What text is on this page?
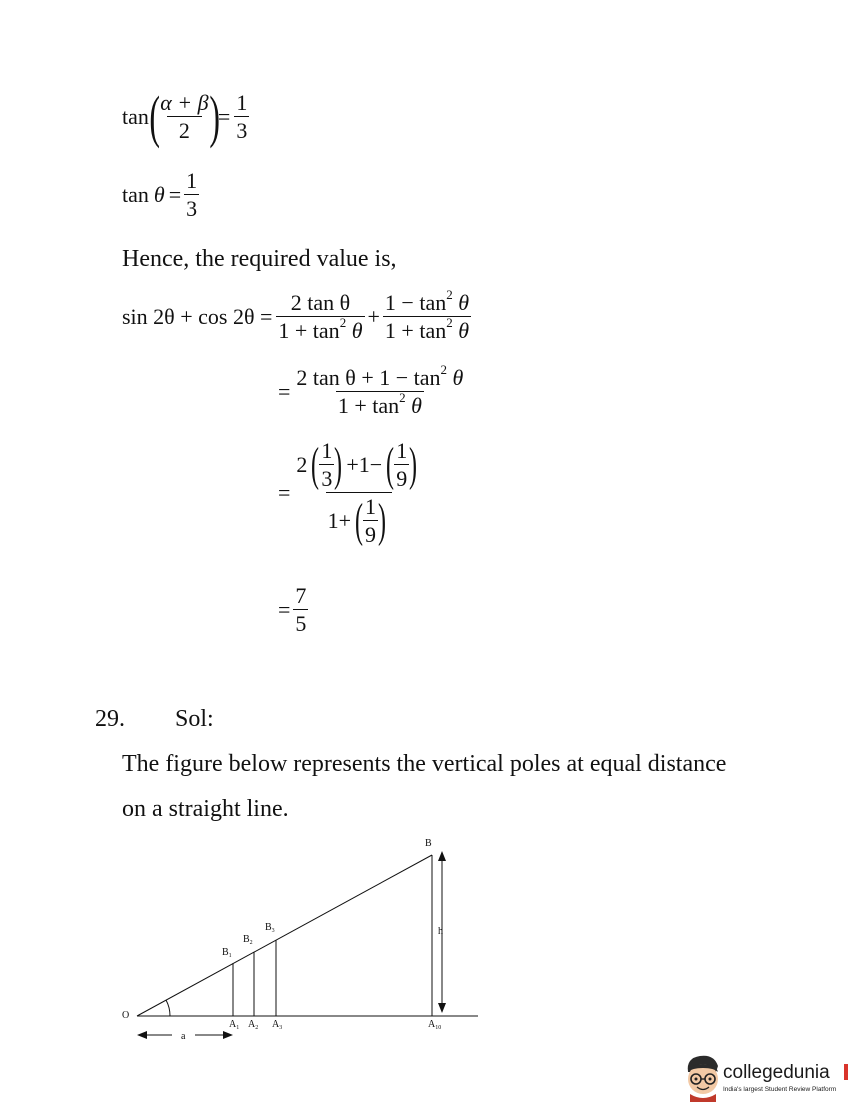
tan (
$\frac{\alpha + \beta}{2}$
)
= $\frac{1}{3}$
$\tan \theta = \frac{1}{3}$
Hence, the required value is,
$\sin 2\theta + \cos 2\theta = \frac{\text{2 tan θ}}{1 + \tan^2 \theta} + \frac{1 - \tan^2 \theta}{1 + \tan^2 \theta}$
= $\frac{2 \tan \theta + 1 - \tan^2 \theta}{1 + \tan^2 \theta}$
=
2 ( $\frac{1}{3}$ ) +1− ( $\frac{1}{9}$ )
1+ ( $\frac{1}{9}$ )
= $\frac{7}{5}$
29. Sol:
The figure below represents the vertical poles at equal distance
on a straight line.
O
B
h
a
$B_1$
$B_2$
$B_3$
$A_1$ $A_2$ $A_3$	$A_{10}$
collegedunia
India's largest Student Review Platform
